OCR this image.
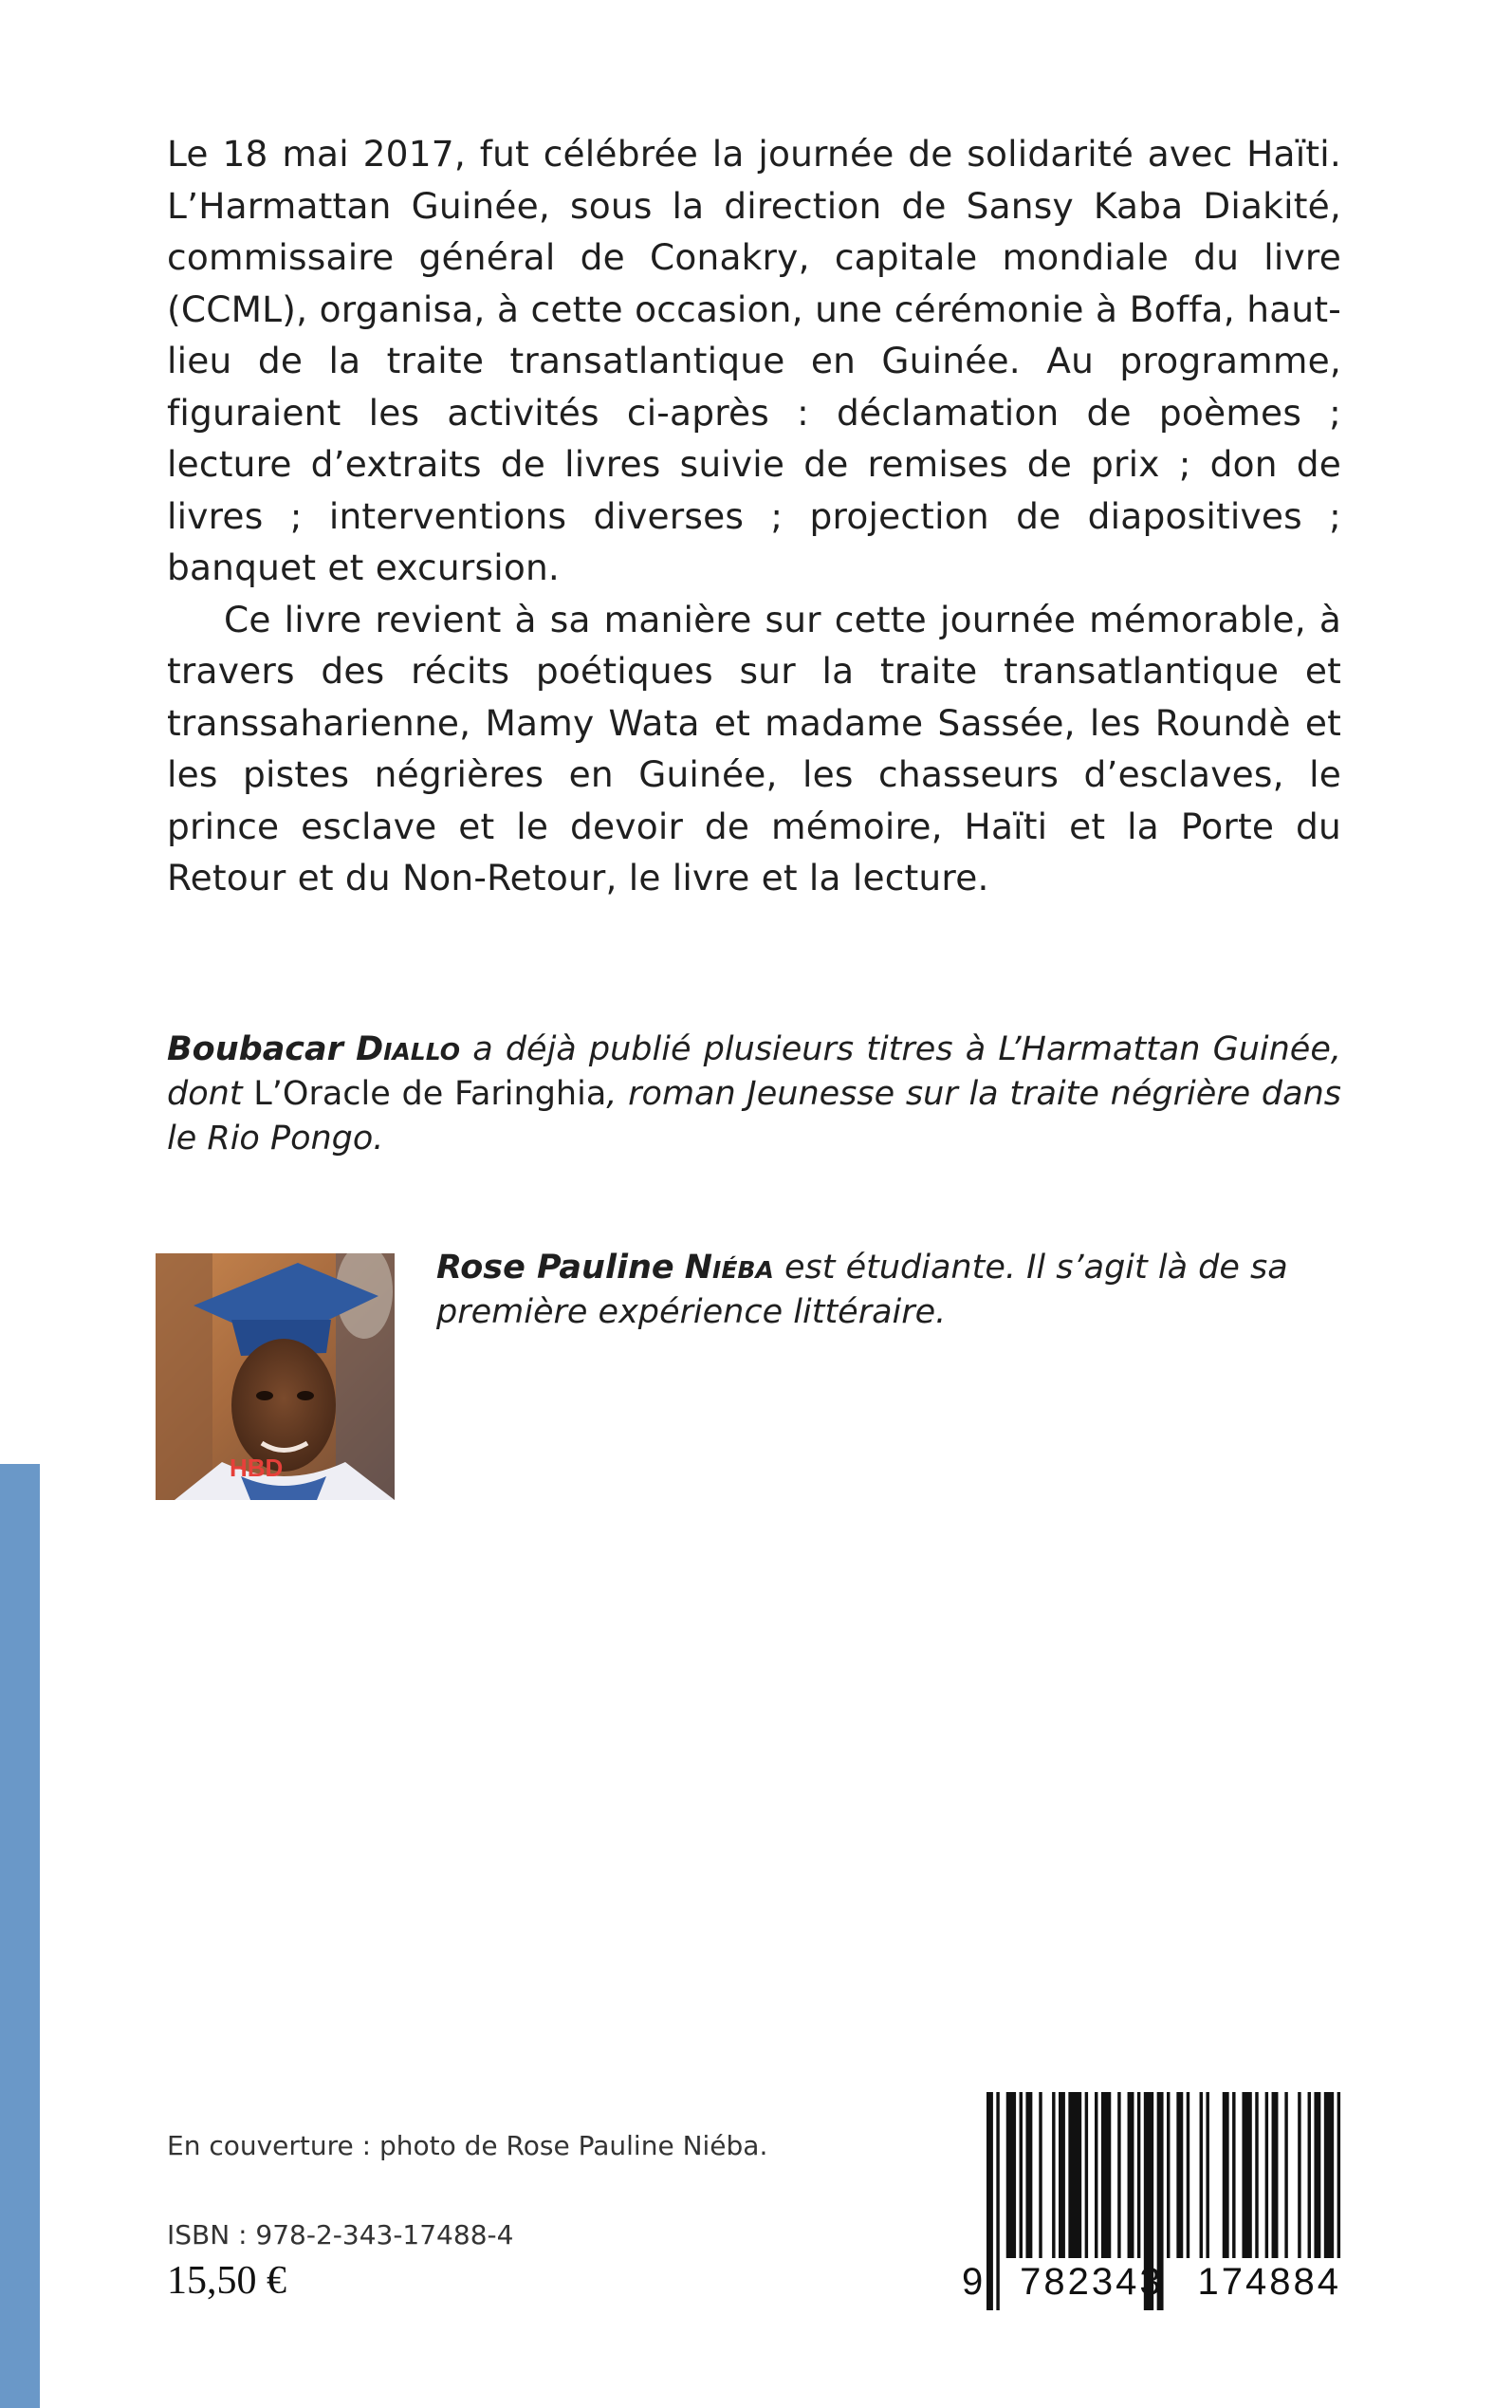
Le 18 mai 2017, fut célébrée la journée de solidarité avec Haïti. L’Harmattan Guinée, sous la direction de Sansy Kaba Diakité, commissaire général de Conakry, capitale mondiale du livre (CCML), organisa, à cette occasion, une cérémonie à Boffa, haut-lieu de la traite transatlantique en Guinée. Au programme, figuraient les activités ci-après : déclamation de poèmes ; lecture d’extraits de livres suivie de remises de prix ; don de livres ; interventions diverses ; projection de diapositives ; banquet et excursion.

Ce livre revient à sa manière sur cette journée mémorable, à travers des récits poétiques sur la traite transatlantique et transsaharienne, Mamy Wata et madame Sassée, les Roundè et les pistes négrières en Guinée, les chasseurs d’esclaves, le prince esclave et le devoir de mémoire, Haïti et la Porte du Retour et du Non-Retour, le livre et la lecture.

Boubacar Diallo a déjà publié plusieurs titres à L’Harmattan Guinée, dont L’Oracle de Faringhia, roman Jeunesse sur la traite négrière dans le Rio Pongo.
HBD
Rose Pauline Niéba est étudiante. Il s’agit là de sa première expérience littéraire.
En couverture : photo de Rose Pauline Niéba.
ISBN : 978-2-343-17488-4
15,50 €	9 782343 174884
